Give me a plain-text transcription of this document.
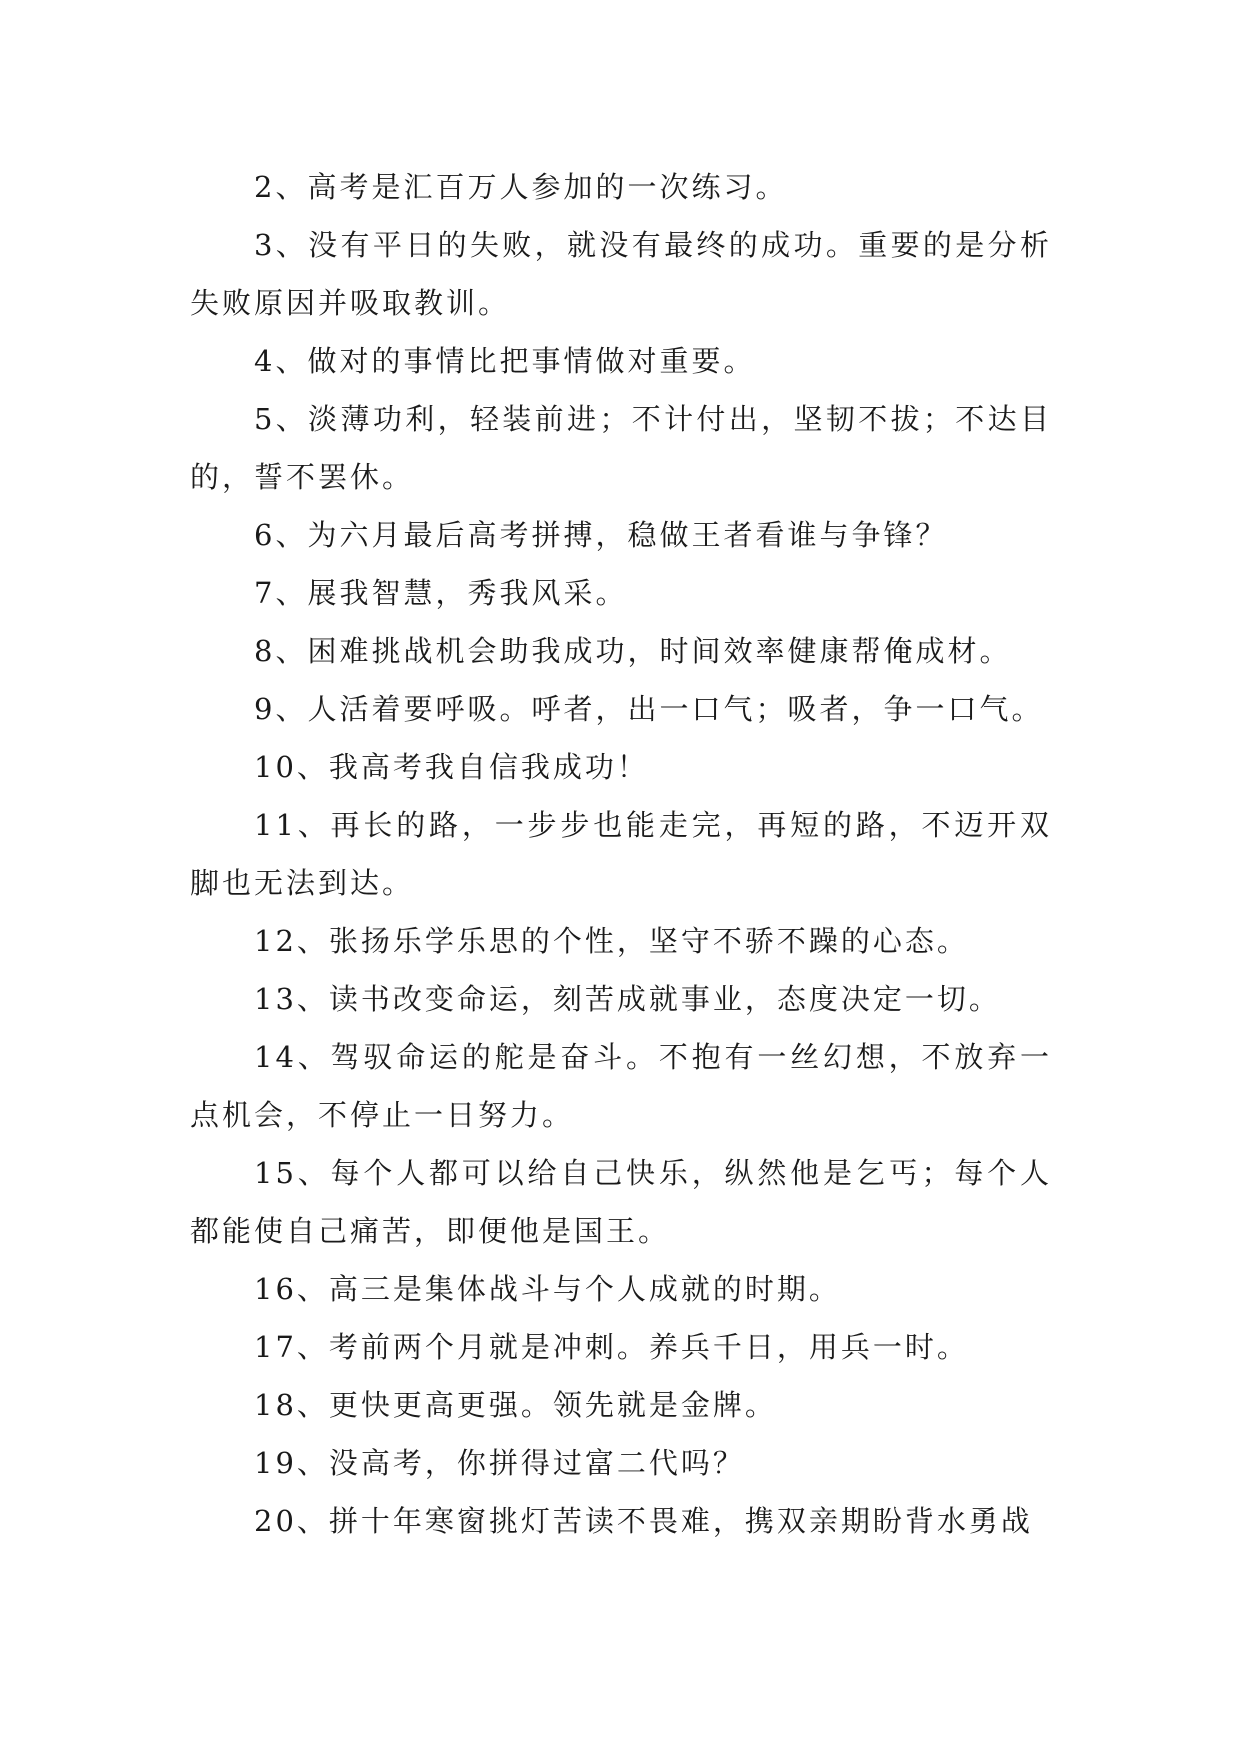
2、高考是汇百万人参加的一次练习。

3、没有平日的失败，就没有最终的成功。重要的是分析失败原因并吸取教训。

4、做对的事情比把事情做对重要。

5、淡薄功利，轻装前进；不计付出，坚韧不拔；不达目的，誓不罢休。

6、为六月最后高考拼搏，稳做王者看谁与争锋？

7、展我智慧，秀我风采。

8、困难挑战机会助我成功，时间效率健康帮俺成材。

9、人活着要呼吸。呼者，出一口气；吸者，争一口气。

10、我高考我自信我成功！

11、再长的路，一步步也能走完，再短的路，不迈开双脚也无法到达。

12、张扬乐学乐思的个性，坚守不骄不躁的心态。

13、读书改变命运，刻苦成就事业，态度决定一切。

14、驾驭命运的舵是奋斗。不抱有一丝幻想，不放弃一点机会，不停止一日努力。

15、每个人都可以给自己快乐，纵然他是乞丐；每个人都能使自己痛苦，即便他是国王。

16、高三是集体战斗与个人成就的时期。

17、考前两个月就是冲刺。养兵千日，用兵一时。

18、更快更高更强。领先就是金牌。

19、没高考，你拼得过富二代吗？

20、拼十年寒窗挑灯苦读不畏难，携双亲期盼背水勇战
